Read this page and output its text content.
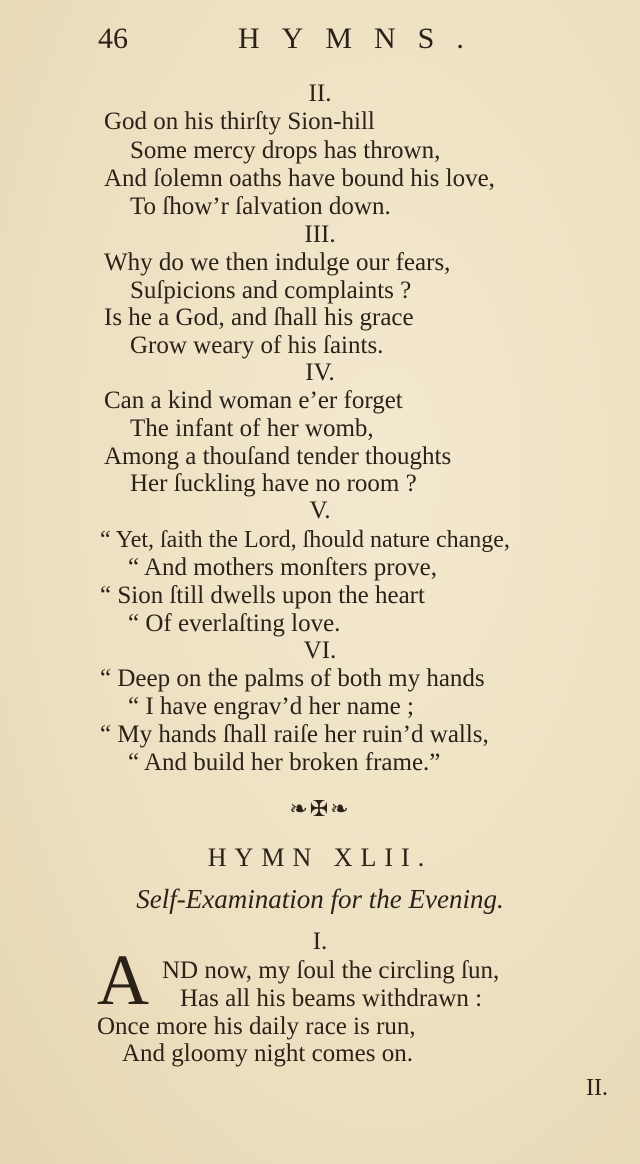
46	HYMNS.
II.
God on his thirſty Sion-hill
Some mercy drops has thrown,
And ſolemn oaths have bound his love,
To ſhow’r ſalvation down.
III.
Why do we then indulge our fears,
Suſpicions and complaints ?
Is he a God, and ſhall his grace
Grow weary of his ſaints.
IV.
Can a kind woman e’er forget
The infant of her womb,
Among a thouſand tender thoughts
Her ſuckling have no room ?
V.
“ Yet, ſaith the Lord, ſhould nature change,
“ And mothers monſters prove,
“ Sion ſtill dwells upon the heart
“ Of everlaſting love.
VI.
“ Deep on the palms of both my hands
“ I have engrav’d her name ;
“ My hands ſhall raiſe her ruin’d walls,
“ And build her broken frame.”
❧✠❧
HYMN XLII.
Self-Examination for the Evening.
I.
A ND now, my ſoul the circling ſun,
Has all his beams withdrawn :
Once more his daily race is run,
And gloomy night comes on.
II.
